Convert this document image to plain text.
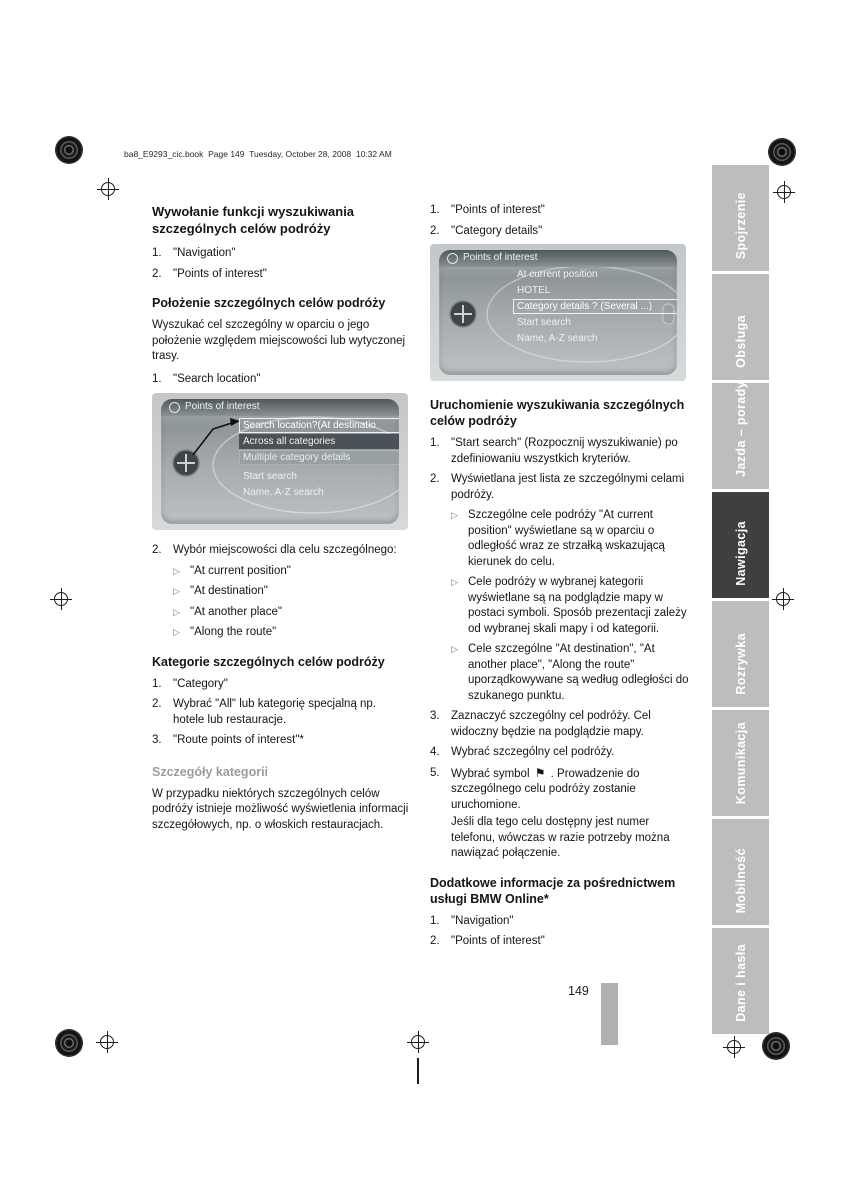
ba8_E9293_cic.book  Page 149  Tuesday, October 28, 2008  10:32 AM
Spojrzenie
Obsługa
Jazda – porady
Nawigacja
Rozrywka
Komunikacja
Mobilność
Dane i hasła
Wywołanie funkcji wyszukiwania szczególnych celów podróży
1. "Navigation"
2. "Points of interest"
Położenie szczególnych celów podróży
Wyszukać cel szczególny w oparciu o jego położenie względem miejscowości lub wytyczonej trasy.
1. "Search location"
Points of interest
Search location?(At destinatio
Across all categories
Multiple category details
Start search
Name, A-Z search
2. Wybór miejscowości dla celu szczególnego:
▷ "At current position"
▷ "At destination"
▷ "At another place"
▷ "Along the route"
Kategorie szczególnych celów podróży
1. "Category"
2. Wybrać "All" lub kategorię specjalną np. hotele lub restauracje.
3. "Route points of interest"*
Szczegóły kategorii
W przypadku niektórych szczególnych celów podróży istnieje możliwość wyświetlenia informacji szczegółowych, np. o włoskich restauracjach.
1. "Points of interest"
2. "Category details"
Points of interest
At current position
HOTEL
Category details ? (Several ...)
Start search
Name, A-Z search
Uruchomienie wyszukiwania szczególnych celów podróży
1. "Start search" (Rozpocznij wyszukiwanie) po zdefiniowaniu wszystkich kryteriów.
2. Wyświetlana jest lista ze szczególnymi celami podróży.
▷ Szczególne cele podróży "At current position" wyświetlane są w oparciu o odległość wraz ze strzałką wskazującą kierunek do celu.
▷ Cele podróży w wybranej kategorii wyświetlane są na podglądzie mapy w postaci symboli. Sposób prezentacji zależy od wybranej skali mapy i od kategorii.
▷ Cele szczególne "At destination", "At another place", "Along the route" uporządkowywane są według odległości do szukanego punktu.
3. Zaznaczyć szczególny cel podróży. Cel widoczny będzie na podglądzie mapy.
4. Wybrać szczególny cel podróży.
5. Wybrać symbol ⚑ . Prowadzenie do szczególnego celu podróży zostanie uruchomione.
Jeśli dla tego celu dostępny jest numer telefonu, wówczas w razie potrzeby można nawiązać połączenie.
Dodatkowe informacje za pośrednictwem usługi BMW Online*
1. "Navigation"
2. "Points of interest"
149
